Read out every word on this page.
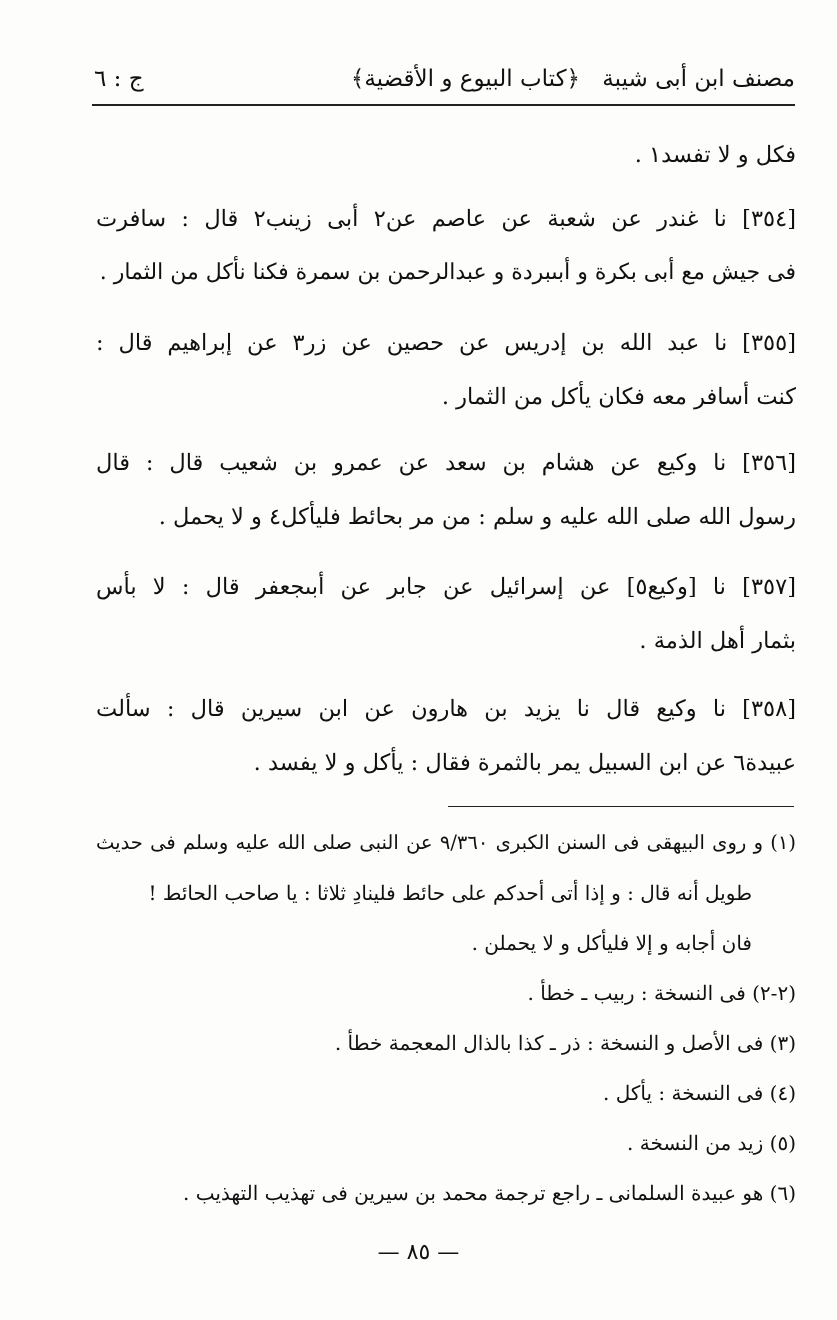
مصنف ابن أبى شيبة
﴿كتاب البيوع و الأقضية﴾
ج : ٦
فكل و لا تفسد١ .
[٣٥٤] نا غندر عن شعبة عن عاصم عن٢ أبى زينب٢ قال : سافرت
فى جيش مع أبى بكرة و أبىبردة و عبدالرحمن بن سمرة فكنا نأكل من الثمار .
[٣٥٥] نا عبد الله بن إدريس عن حصين عن زر٣ عن إبراهيم قال :
كنت أسافر معه فكان يأكل من الثمار .
[٣٥٦] نا وكيع عن هشام بن سعد عن عمرو بن شعيب قال : قال
رسول الله صلى الله عليه و سلم : من مر بحائط فليأكل٤ و لا يحمل .
[٣٥٧] نا [وكيع٥] عن إسرائيل عن جابر عن أبىجعفر قال : لا بأس
بثمار أهل الذمة .
[٣٥٨] نا وكيع قال نا يزيد بن هارون عن ابن سيرين قال : سألت
عبيدة٦ عن ابن السبيل يمر بالثمرة فقال : يأكل و لا يفسد .
(١) و روى البيهقى فى السنن الكبرى ٩/٣٦٠ عن النبى صلى الله عليه وسلم فى حديث
طويل أنه قال : و إذا أتى أحدكم على حائط فلينادِ ثلاثا : يا صاحب الحائط !
فان أجابه و إلا فليأكل و لا يحملن .
(٢-٢) فى النسخة : ربيب ـ خطأ .
(٣) فى الأصل و النسخة : ذر ـ كذا بالذال المعجمة خطأ .
(٤) فى النسخة : يأكل .
(٥) زيد من النسخة .
(٦) هو عبيدة السلمانى ـ راجع ترجمة محمد بن سيرين فى تهذيب التهذيب .
— ٨٥ —
